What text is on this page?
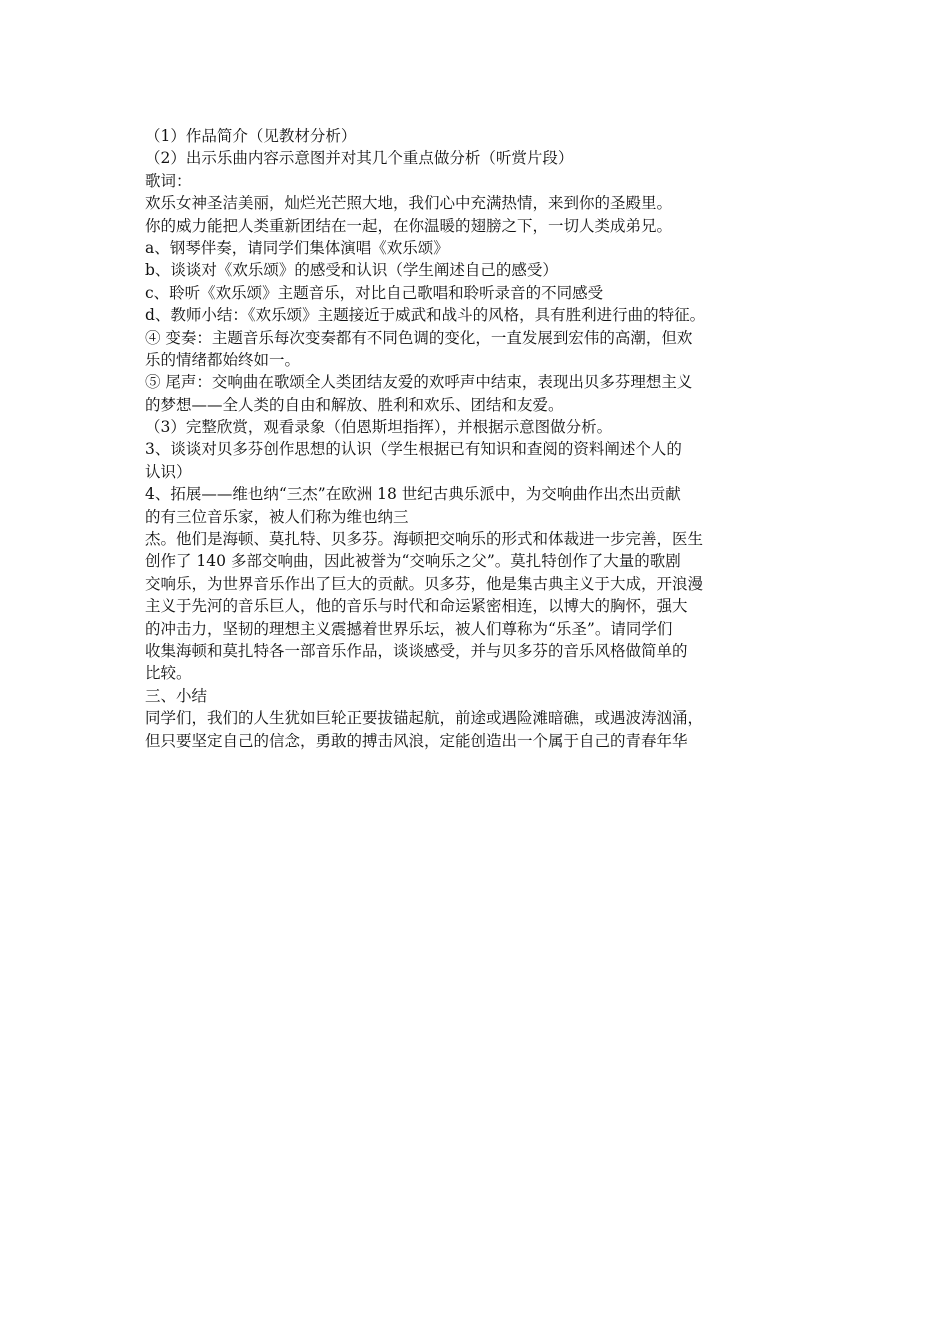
（1）作品简介（见教材分析）
（2）出示乐曲内容示意图并对其几个重点做分析（听赏片段）
歌词：
欢乐女神圣洁美丽，灿烂光芒照大地，我们心中充满热情，来到你的圣殿里。
你的威力能把人类重新团结在一起，在你温暖的翅膀之下，一切人类成弟兄。
a、钢琴伴奏，请同学们集体演唱《欢乐颂》
b、谈谈对《欢乐颂》的感受和认识（学生阐述自己的感受）
c、聆听《欢乐颂》主题音乐，对比自己歌唱和聆听录音的不同感受
d、教师小结：《欢乐颂》主题接近于威武和战斗的风格，具有胜利进行曲的特征。
④ 变奏：主题音乐每次变奏都有不同色调的变化，一直发展到宏伟的高潮，但欢
乐的情绪都始终如一。
⑤ 尾声：交响曲在歌颂全人类团结友爱的欢呼声中结束，表现出贝多芬理想主义
的梦想——全人类的自由和解放、胜利和欢乐、团结和友爱。
（3）完整欣赏，观看录象（伯恩斯坦指挥），并根据示意图做分析。
3、谈谈对贝多芬创作思想的认识（学生根据已有知识和查阅的资料阐述个人的
认识）
4、拓展——维也纳“三杰”在欧洲 18 世纪古典乐派中，为交响曲作出杰出贡献
的有三位音乐家，被人们称为维也纳三
杰。他们是海顿、莫扎特、贝多芬。海顿把交响乐的形式和体裁进一步完善，医生
创作了 140 多部交响曲，因此被誉为“交响乐之父”。莫扎特创作了大量的歌剧
交响乐，为世界音乐作出了巨大的贡献。贝多芬，他是集古典主义于大成，开浪漫
主义于先河的音乐巨人，他的音乐与时代和命运紧密相连，以博大的胸怀，强大
的冲击力，坚韧的理想主义震撼着世界乐坛，被人们尊称为“乐圣”。请同学们
收集海顿和莫扎特各一部音乐作品，谈谈感受，并与贝多芬的音乐风格做简单的
比较。
三、小结
同学们，我们的人生犹如巨轮正要拔锚起航，前途或遇险滩暗礁，或遇波涛汹涌，
但只要坚定自己的信念，勇敢的搏击风浪，定能创造出一个属于自己的青春年华
